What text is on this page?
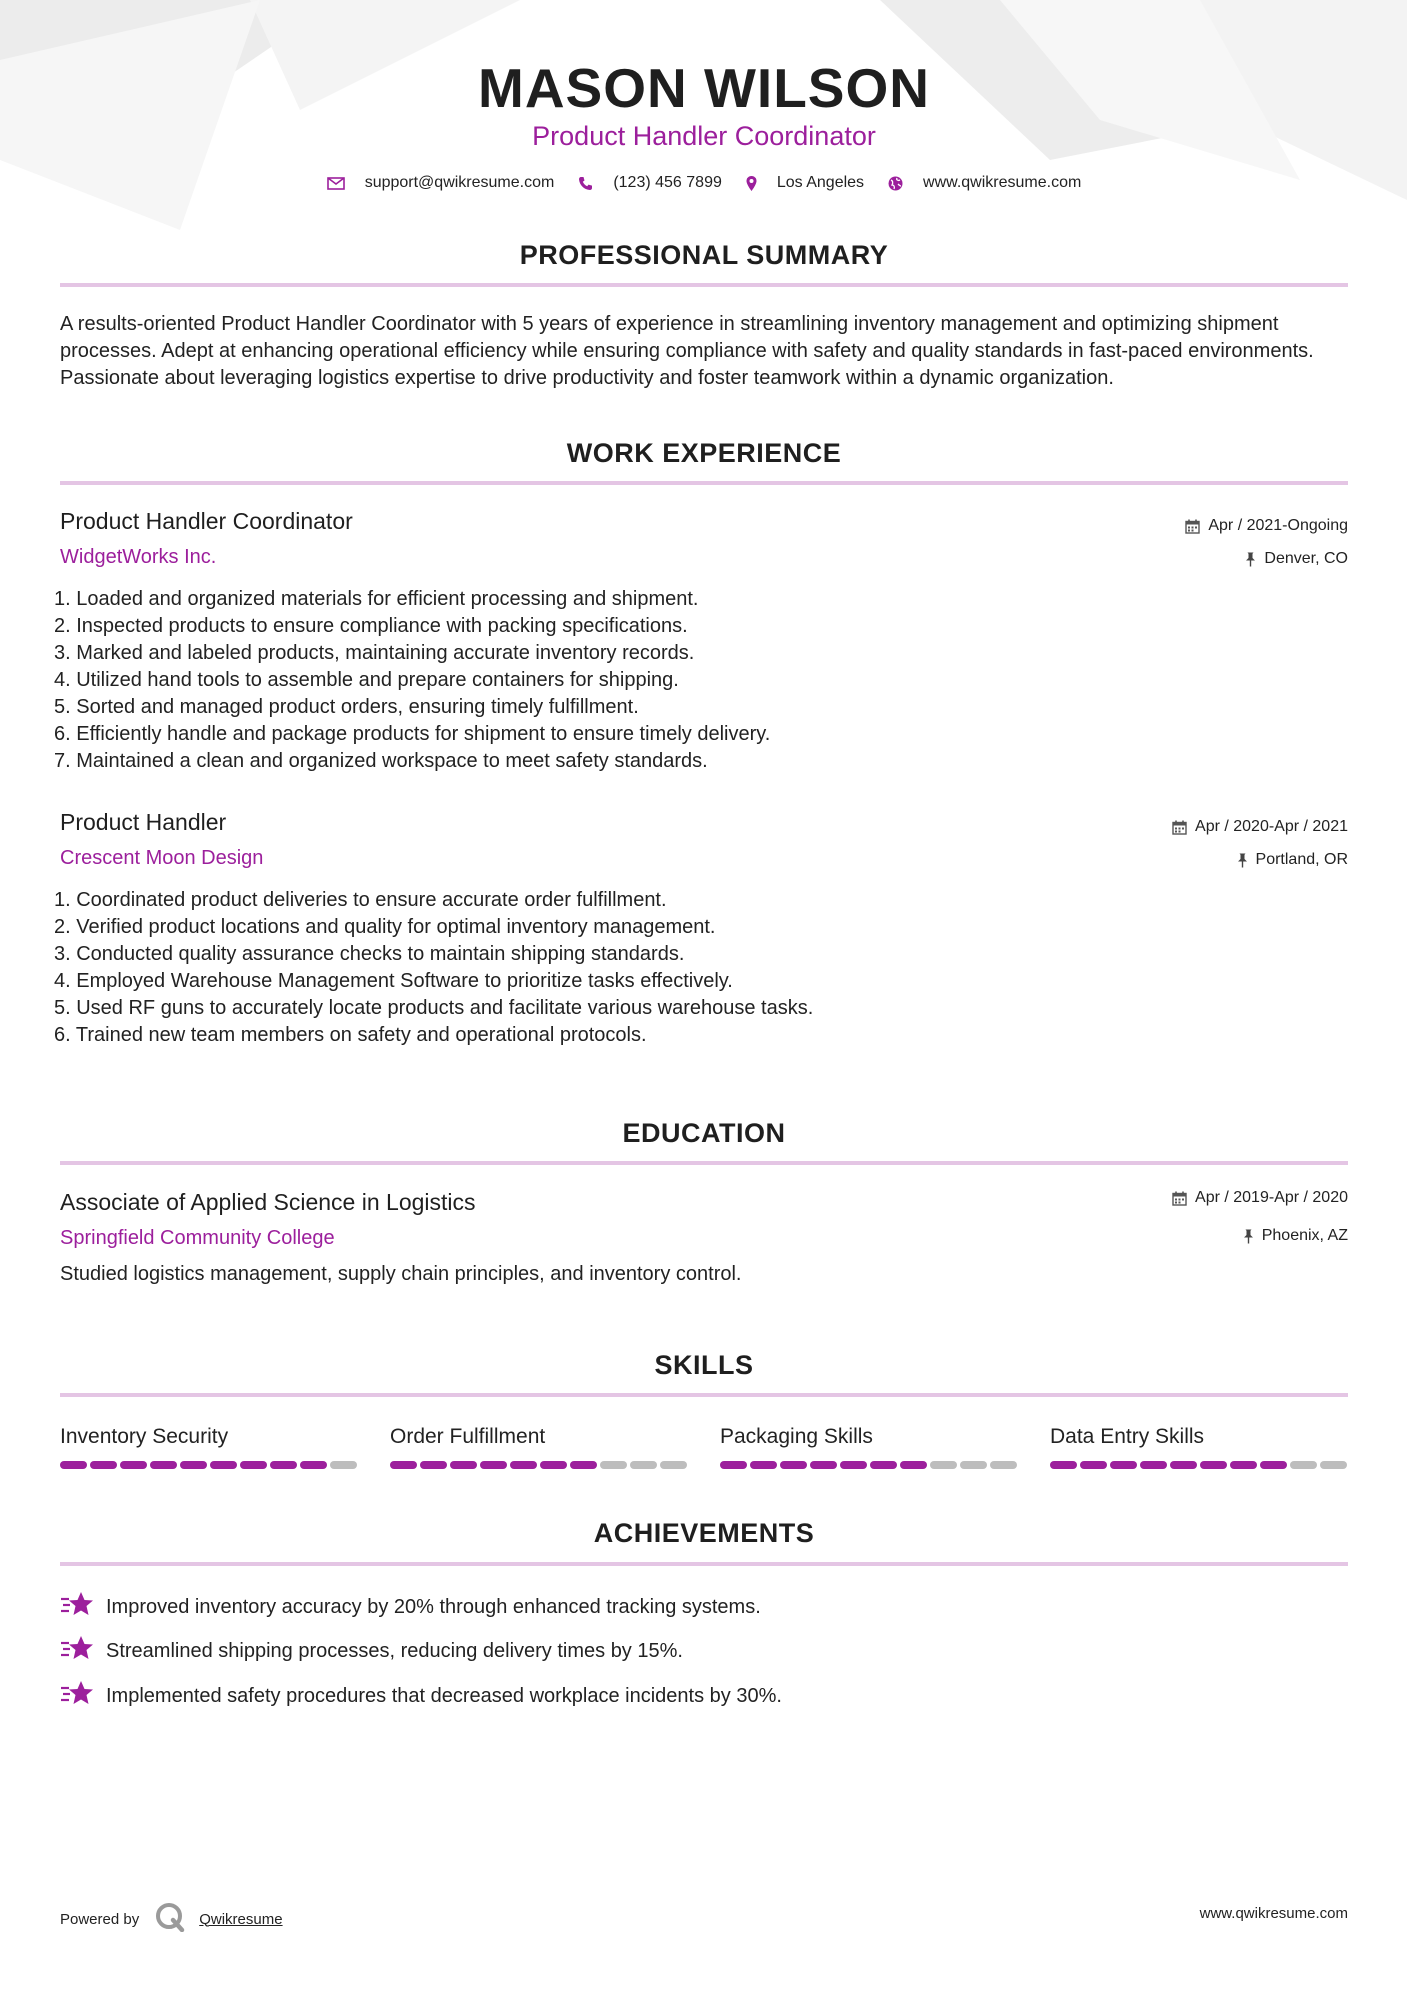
MASON WILSON
Product Handler Coordinator
support@qwikresume.com	(123) 456 7899	Los Angeles	www.qwikresume.com
PROFESSIONAL SUMMARY
A results-oriented Product Handler Coordinator with 5 years of experience in streamlining inventory management and optimizing shipment
processes. Adept at enhancing operational efficiency while ensuring compliance with safety and quality standards in fast-paced environments.
Passionate about leveraging logistics expertise to drive productivity and foster teamwork within a dynamic organization.
WORK EXPERIENCE
Product Handler Coordinator
WidgetWorks Inc.
Apr / 2021-Ongoing
Denver, CO
1. Loaded and organized materials for efficient processing and shipment.
2. Inspected products to ensure compliance with packing specifications.
3. Marked and labeled products, maintaining accurate inventory records.
4. Utilized hand tools to assemble and prepare containers for shipping.
5. Sorted and managed product orders, ensuring timely fulfillment.
6. Efficiently handle and package products for shipment to ensure timely delivery.
7. Maintained a clean and organized workspace to meet safety standards.
Product Handler
Crescent Moon Design
Apr / 2020-Apr / 2021
Portland, OR
1. Coordinated product deliveries to ensure accurate order fulfillment.
2. Verified product locations and quality for optimal inventory management.
3. Conducted quality assurance checks to maintain shipping standards.
4. Employed Warehouse Management Software to prioritize tasks effectively.
5. Used RF guns to accurately locate products and facilitate various warehouse tasks.
6. Trained new team members on safety and operational protocols.
EDUCATION
Associate of Applied Science in Logistics
Springfield Community College
Apr / 2019-Apr / 2020
Phoenix, AZ
Studied logistics management, supply chain principles, and inventory control.
SKILLS
Inventory Security	Order Fulfillment	Packaging Skills	Data Entry Skills
ACHIEVEMENTS
Improved inventory accuracy by 20% through enhanced tracking systems.
Streamlined shipping processes, reducing delivery times by 15%.
Implemented safety procedures that decreased workplace incidents by 30%.
Powered by	Qwikresume	www.qwikresume.com
